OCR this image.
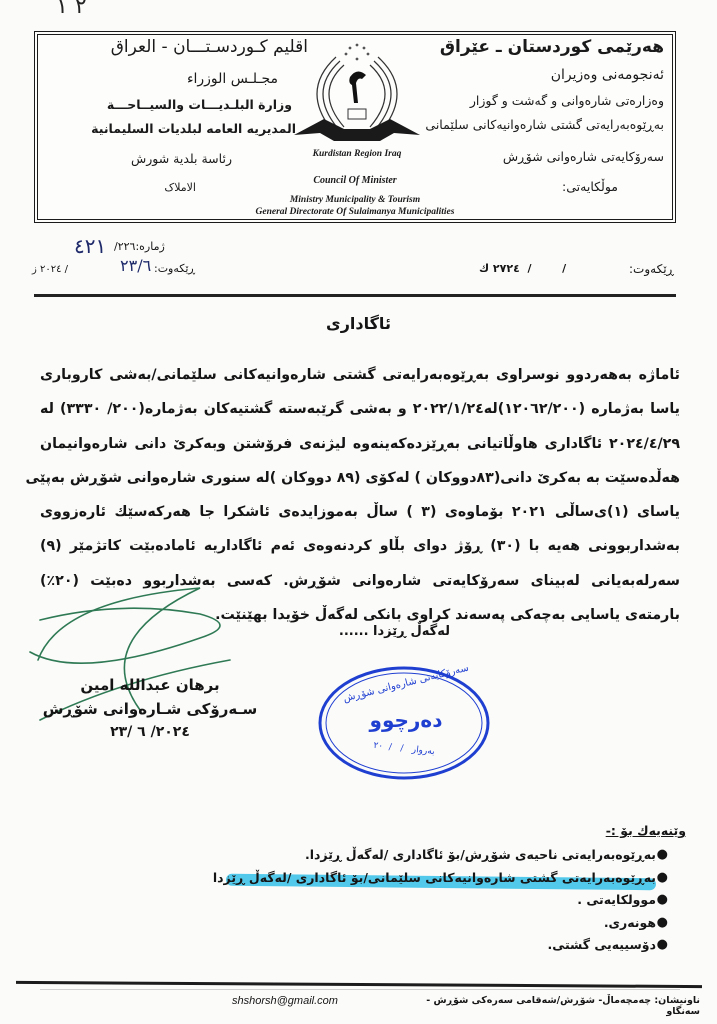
٢ ١
هەرێمی کوردستان ـ عێراق
ئەنجومەنی وەزیران
وەزارەتی شارەوانی و گەشت و گوزار
بەڕێوەبەرایەتی گشتی شارەوانیەکانی سلێمانی
سەرۆکایەتی شارەوانی شۆڕش
موڵکایەتی:
اقليم كـوردسـتـــان - العراق
مجـلـس الوزراء
وزارة البلـديـــات والسيــاحـــة
المديريه العامه لبلديات السليمانية
رئاسة بلدية شورش
الاملاک
Kurdistan Region Iraq
Council Of Minister
Ministry Municipality & Tourism
General Directorate Of Sulaimanya Municipalities
ژمارە:٢٢٦/
٤٢١
ڕێکەوت:
٢٣/٦
/ ٢٠٢٤ ز	ڕێکەوت:
/        /  ٢٧٢٤ ك
ئاگاداری
ئاماژە بەهەردوو نوسراوی بەڕێوەبەرایەتی گشتی شارەوانیەکانی سلێمانی/بەشی کاروباری
یاسا بەژمارە (١٢٠٦٢/٢٠٠)لە٢٠٢٢/١/٢٤ و بەشی گرێبەستە گشتیەکان بەژمارە(٢٠٠/ ٣٣٣٠) لە
٢٠٢٤/٤/٢٩ ئاگاداری هاوڵاتیانی بەڕێزدەکەینەوە لیژنەی فرۆشتن وبەکرێ دانی شارەوانیمان
هەڵدەسێت بە بەکرێ دانی(٨٣دووکان ) لەکۆی (٨٩ دووکان )لە سنوری شارەوانی شۆڕش بەپێی
یاسای (١)ی‌ساڵی ٢٠٢١ بۆماوەی (٣ ) ساڵ بەموزایدەی ئاشکرا جا هەرکەسێك ئارەزووی
بەشداربوونی هەیە با (٣٠) ڕۆژ دوای بڵاو کردنەوەی ئەم ئاگاداریە ئامادەبێت کاتژمێر (٩)
سەرلەبەیانی لەبینای سەرۆکایەتی شارەوانی شۆڕش. کەسی بەشداربوو دەبێت (٢٠٪)
بارمتەی یاسایی بەچەکی پەسەند کراوی بانکی لەگەڵ خۆیدا بهێنێت.
لەگەڵ ڕێزدا ......
برهان عبدالله امین
سـەرۆکی شـارەوانی شۆڕش
٢٠٢٤/ ٦ /٢٣
سەرۆکایەتی شارەوانی شۆڕش
دەرچوو
بەروار   /   /  ٢٠
وێنەیەك بۆ :-
●
بەڕێوەبەرایەتی ناحیەی شۆڕش/بۆ ئاگاداری /لەگەڵ ڕێزدا.
●
بەڕێوەبەرایەتی گشتی شارەوانیەکانی سلێمانی/بۆ ئاگاداری /لەگەڵ ڕێزدا
●
موولکایەتی .
●
هونەری.
●
دۆسییەیی گشتی.
shshorsh@gmail.com	ناونیشان: چەمچەماڵ- شۆڕش/شەقامی سەرەکی شۆڕش - سەنگاو
